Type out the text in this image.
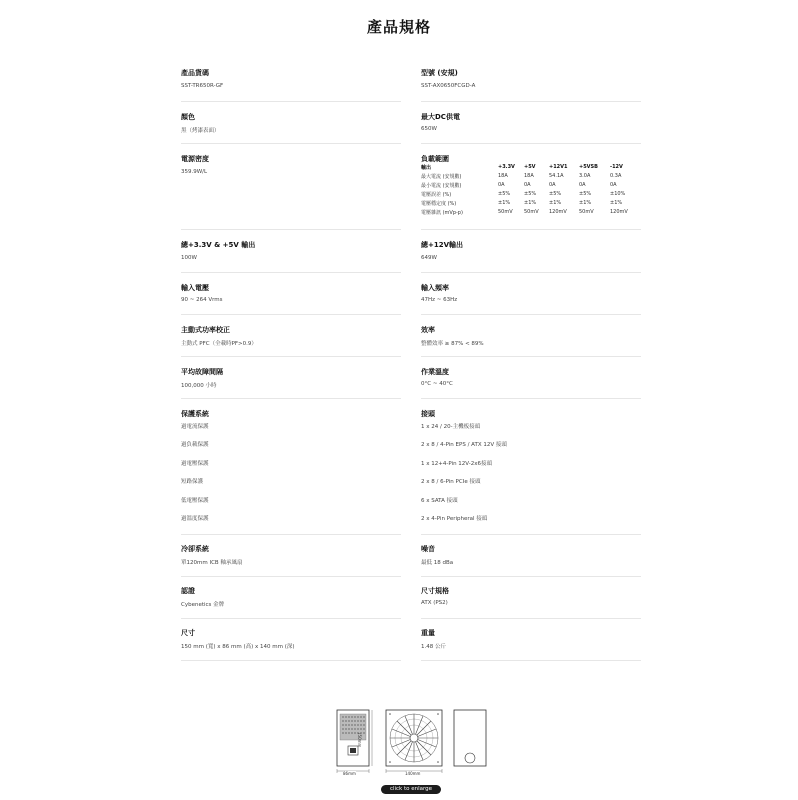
產品規格
產品貨碼
SST-TR650R-GF
顏色
黑（烤漆表面）
電源密度
359.9W/L
總+3.3V & +5V 輸出
100W
輸入電壓
90 ~ 264 Vrms
主動式功率校正
主動式 PFC（全載時PF>0.9）
平均故障間隔
100,000 小時
保護系統
過電流保護
過負載保護
過電壓保護
短路保護
低電壓保護
過溫度保護
冷卻系統
單120mm ICB 軸承風扇
認證
Cybenetics 金牌
尺寸
150 mm (寬) x 86 mm (高) x 140 mm (深)
型號 (安規)
SST-AX0650FCGD-A
最大DC供電
650W
負載範圍
總+12V輸出
649W
輸入頻率
47Hz ~ 63Hz
效率
整體效率 ≥ 87% < 89%
作業溫度
0°C ~ 40°C
接頭
1 x 24 / 20-主機板接頭
2 x 8 / 4-Pin EPS / ATX 12V 接頭
1 x 12+4-Pin 12V-2x6接頭
2 x 8 / 6-Pin PCIe 接頭
6 x SATA 接頭
2 x 4-Pin Peripheral 接頭
噪音
最低 18 dBa
尺寸規格
ATX (PS2)
重量
1.48 公斤
輸出	+3.3V +5V	+12V1 +5VSB -12V
最大電流 (安規數)	18A	18A	54.1A	3.0A	0.3A
最小電流 (安規數)	0A	0A	0A	0A	0A
電壓誤差 (%)	±5%	±5%	±5%	±5%	±10%
電壓穩定度 (%)	±1%	±1%	±1%	±1%	±1%
電壓雜訊 (mVp-p)	50mV 50mV 120mV 50mV	120mV
86mm
150mm
140mm
click to enlarge
